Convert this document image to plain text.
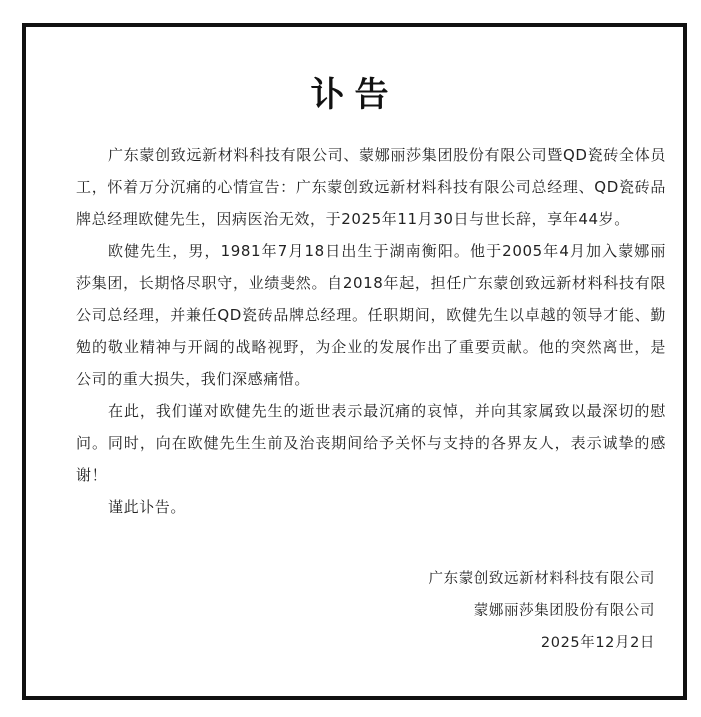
讣告

广东蒙创致远新材料科技有限公司、蒙娜丽莎集团股份有限公司暨QD瓷砖全体员工，怀着万分沉痛的心情宣告：广东蒙创致远新材料科技有限公司总经理、QD瓷砖品牌总经理欧健先生，因病医治无效，于2025年11月30日与世长辞，享年44岁。

欧健先生，男，1981年7月18日出生于湖南衡阳。他于2005年4月加入蒙娜丽莎集团，长期恪尽职守，业绩斐然。自2018年起，担任广东蒙创致远新材料科技有限公司总经理，并兼任QD瓷砖品牌总经理。任职期间，欧健先生以卓越的领导才能、勤勉的敬业精神与开阔的战略视野，为企业的发展作出了重要贡献。他的突然离世，是公司的重大损失，我们深感痛惜。

在此，我们谨对欧健先生的逝世表示最沉痛的哀悼，并向其家属致以最深切的慰问。同时，向在欧健先生生前及治丧期间给予关怀与支持的各界友人，表示诚挚的感谢！

谨此讣告。

广东蒙创致远新材料科技有限公司
蒙娜丽莎集团股份有限公司
2025年12月2日
